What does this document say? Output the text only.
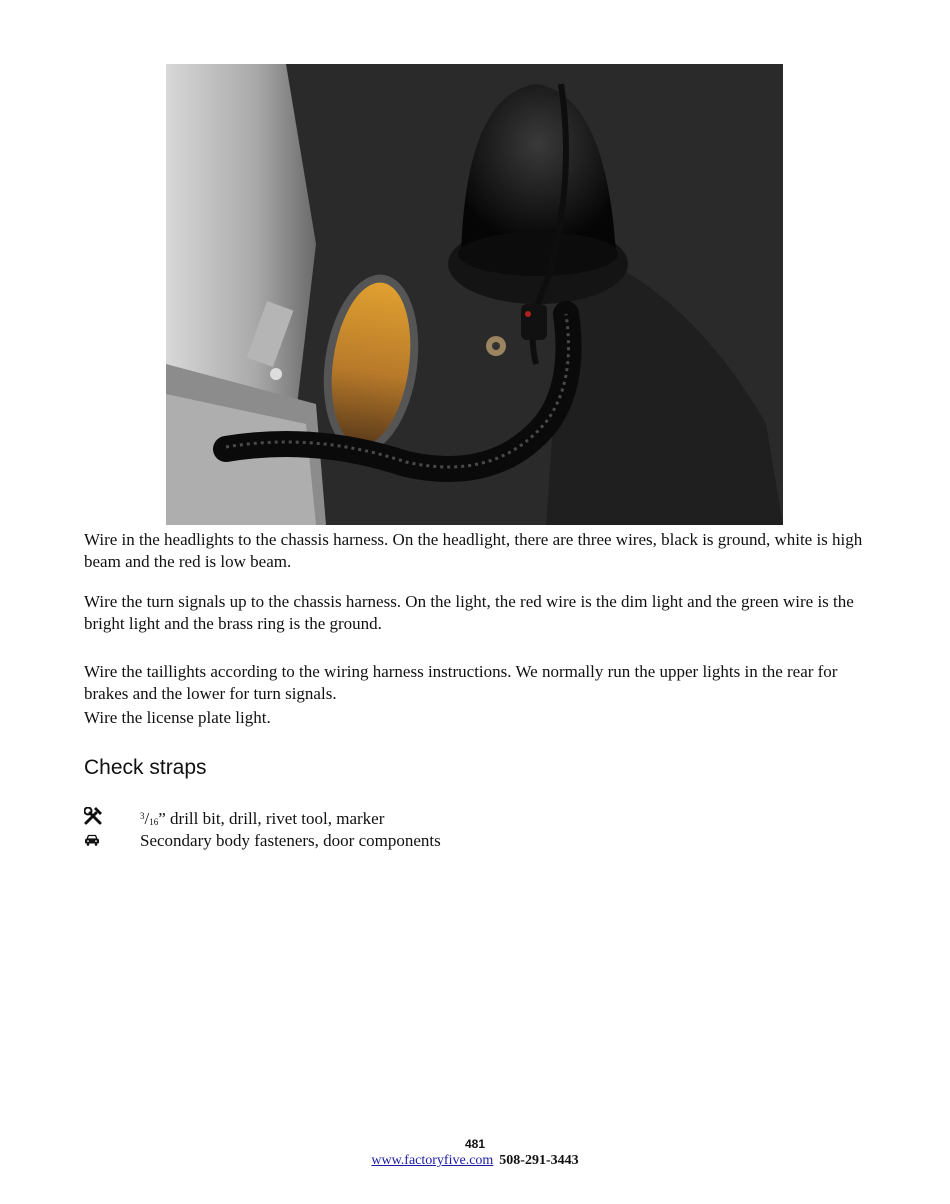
Wire in the headlights to the chassis harness. On the headlight, there are three wires, black is ground, white is high beam and the red is low beam.

Wire the turn signals up to the chassis harness. On the light, the red wire is the dim light and the green wire is the bright light and the brass ring is the ground.

Wire the taillights according to the wiring harness instructions. We normally run the upper lights in the rear for brakes and the lower for turn signals.

Wire the license plate light.

Check straps
$^3/_{16}$” drill bit, drill, rivet tool, marker
Secondary body fasteners, door components
481
www.factoryfive.com 508-291-3443
